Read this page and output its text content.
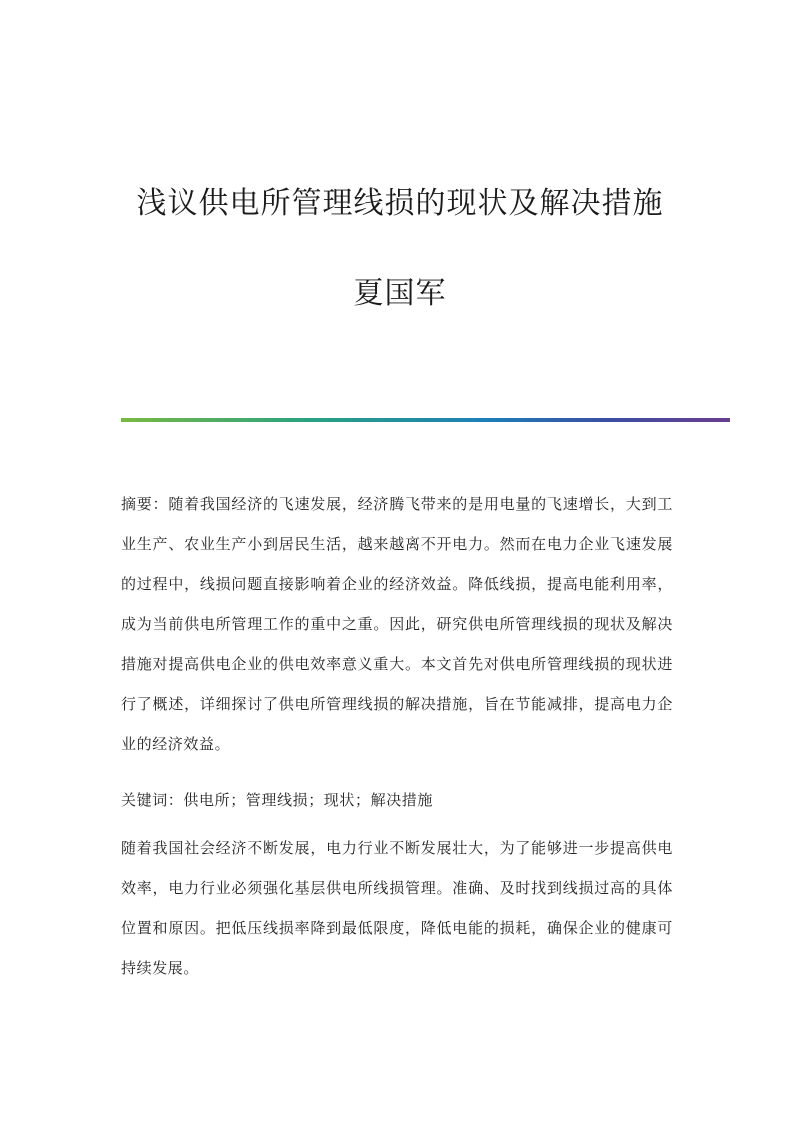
浅议供电所管理线损的现状及解决措施
夏国军

摘要：随着我国经济的飞速发展，经济腾飞带来的是用电量的飞速增长，大到工业生产、农业生产小到居民生活，越来越离不开电力。然而在电力企业飞速发展的过程中，线损问题直接影响着企业的经济效益。降低线损，提高电能利用率，成为当前供电所管理工作的重中之重。因此，研究供电所管理线损的现状及解决措施对提高供电企业的供电效率意义重大。本文首先对供电所管理线损的现状进行了概述，详细探讨了供电所管理线损的解决措施，旨在节能减排，提高电力企业的经济效益。

关键词：供电所；管理线损；现状；解决措施

随着我国社会经济不断发展，电力行业不断发展壮大，为了能够进一步提高供电效率，电力行业必须强化基层供电所线损管理。准确、及时找到线损过高的具体位置和原因。把低压线损率降到最低限度，降低电能的损耗，确保企业的健康可持续发展。
